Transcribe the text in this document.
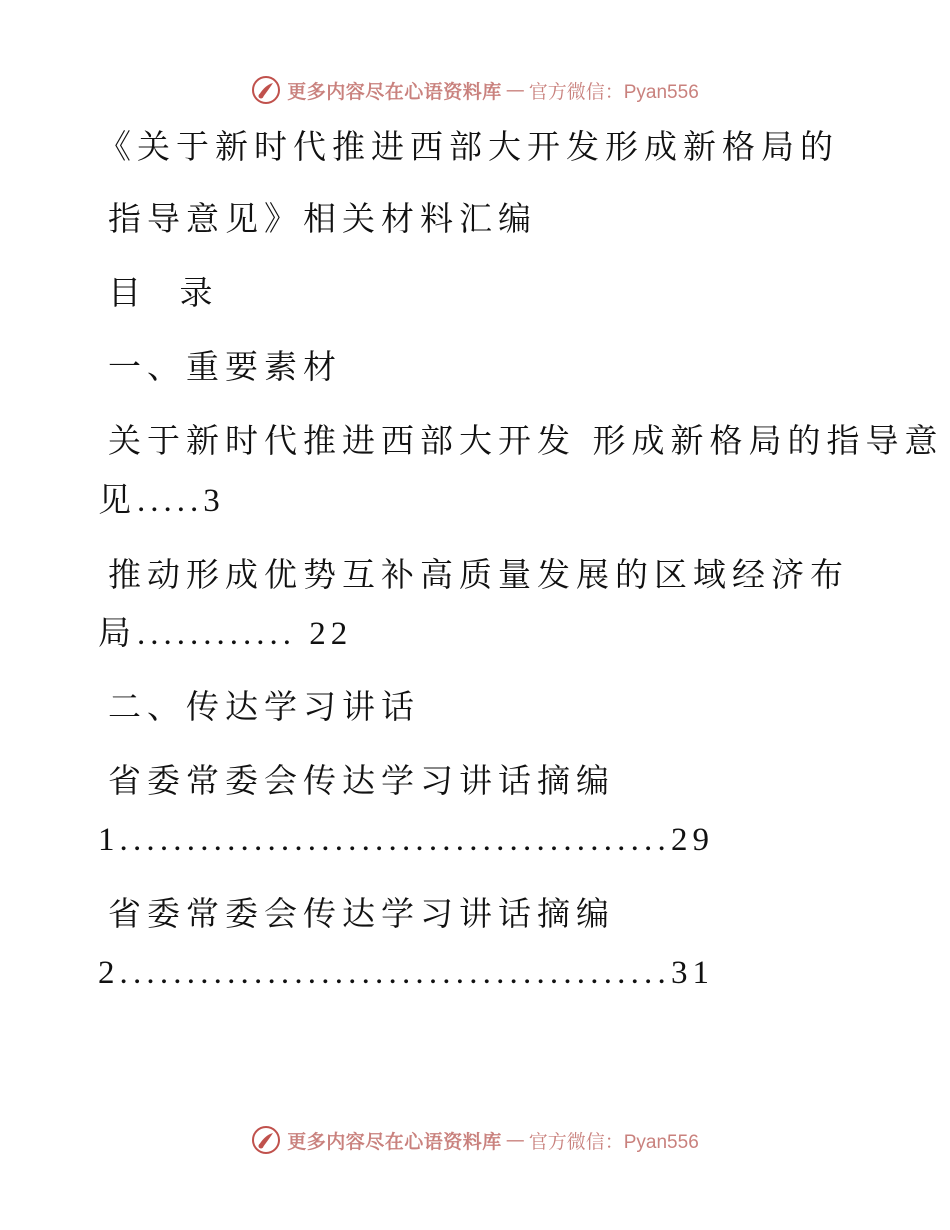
更多内容尽在心语资料库 — 官方微信：Pyan556
《关于新时代推进西部大开发形成新格局的
指导意见》相关材料汇编
目 录
一、重要素材
关于新时代推进西部大开发 形成新格局的指导意
见.....3
推动形成优势互补高质量发展的区域经济布
局............ 22
二、传达学习讲话
省委常委会传达学习讲话摘编
1.........................................29
省委常委会传达学习讲话摘编
2.........................................31
更多内容尽在心语资料库 — 官方微信：Pyan556
